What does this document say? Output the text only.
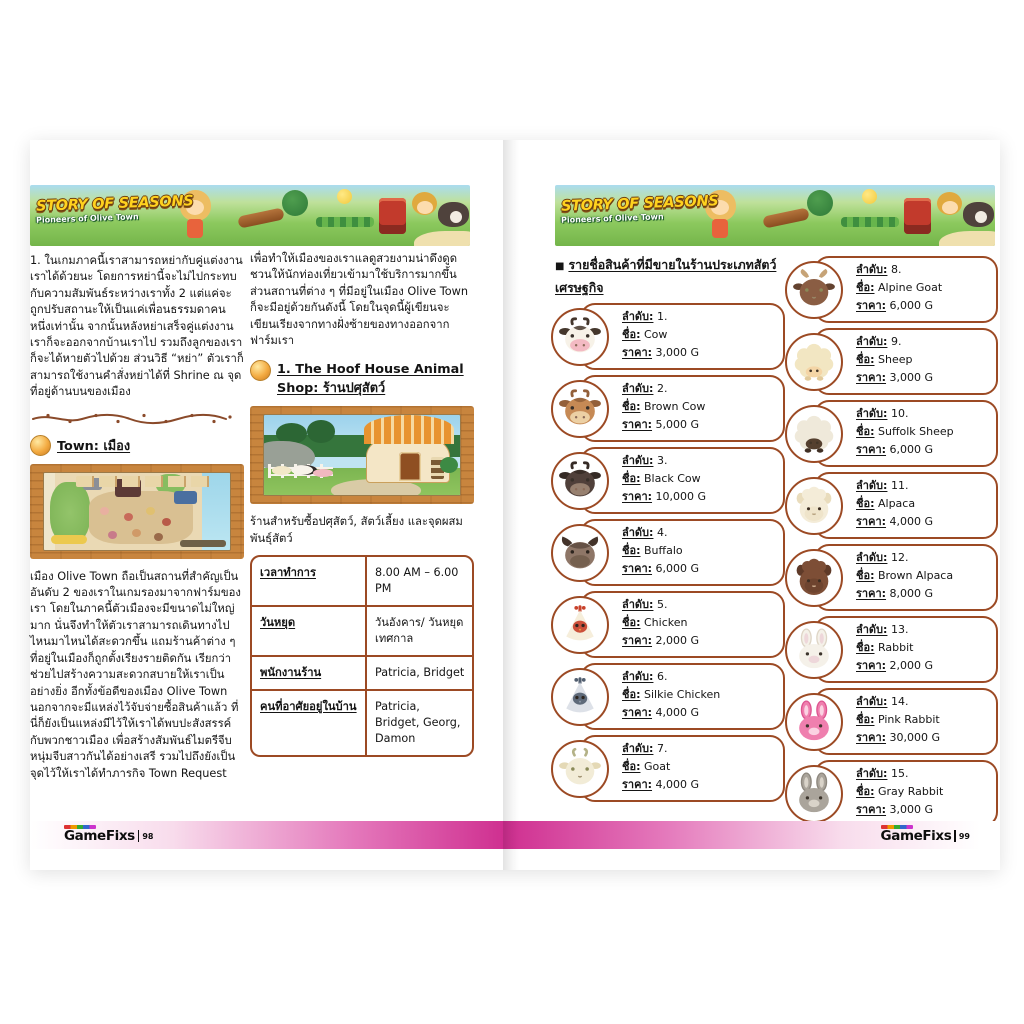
STORY OF SEASONS
Pioneers of Olive Town

1. ในเกมภาคนี้เราสามารถหย่ากับคู่แต่งงานเราได้ด้วยนะ โดยการหย่านี้จะไม่ไปกระทบกับความสัมพันธ์ระหว่างเราทั้ง 2 แต่แค่จะถูกปรับสถานะให้เป็นแค่เพื่อนธรรมดาคนหนึ่งเท่านั้น จากนั้นหลังหย่าเสร็จคู่แต่งงานเราก็จะออกจากบ้านเราไป รวมถึงลูกของเราก็จะได้หายตัวไปด้วย ส่วนวิธี “หย่า” ตัวเราก็สามารถใช้งานคำสั่งหย่าได้ที่ Shrine ณ จุดที่อยู่ด้านบนของเมือง

Town: เมือง

เมือง Olive Town ถือเป็นสถานที่สำคัญเป็นอันดับ 2 ของเราในเกมรองมาจากฟาร์มของเรา โดยในภาคนี้ตัวเมืองจะมีขนาดไม่ใหญ่มาก นั่นจึงทำให้ตัวเราสามารถเดินทางไปไหนมาไหนได้สะดวกขึ้น แถมร้านค้าต่าง ๆ ที่อยู่ในเมืองก็ถูกตั้งเรียงรายติดกัน เรียกว่าช่วยไปสร้างความสะดวกสบายให้เราเป็นอย่างยิ่ง อีกทั้งข้อดีของเมือง Olive Town นอกจากจะมีแหล่งไว้จับจ่ายซื้อสินค้าแล้ว ที่นี่ก็ยังเป็นแหล่งมีไว้ให้เราได้พบปะสังสรรค์กับพวกชาวเมือง เพื่อสร้างสัมพันธ์ไมตรีจีบหนุ่มจีบสาวกันได้อย่างเสรี รวมไปถึงยังเป็นจุดไว้ให้เราได้ทำภารกิจ Town Request

เพื่อทำให้เมืองของเราแลดูสวยงามน่าดึงดูด ชวนให้นักท่องเที่ยวเข้ามาใช้บริการมากขึ้น ส่วนสถานที่ต่าง ๆ ที่มีอยู่ในเมือง Olive Town ก็จะมีอยู่ด้วยกันดังนี้ โดยในจุดนี้ผู้เขียนจะเขียนเรียงจากทางฝั่งซ้ายของทางออกจากฟาร์มเรา

1. The Hoof House Animal Shop: ร้านปศุสัตว์

ร้านสำหรับซื้อปศุสัตว์, สัตว์เลี้ยง และจุดผสมพันธุ์สัตว์

เวลาทำการ	8.00 AM – 6.00 PM
วันหยุด	วันอังคาร/ วันหยุดเทศกาล
พนักงานร้าน	Patricia, Bridget
คนที่อาศัยอยู่ในบ้าน	Patricia, Bridget, Georg, Damon
STORY OF SEASONS
Pioneers of Olive Town
■ รายชื่อสินค้าที่มีขายในร้านประเภทสัตว์เศรษฐกิจ
ลำดับ: 1.
ชื่อ: Cow
ราคา: 3,000 G
ลำดับ: 2.
ชื่อ: Brown Cow
ราคา: 5,000 G
ลำดับ: 3.
ชื่อ: Black Cow
ราคา: 10,000 G
ลำดับ: 4.
ชื่อ: Buffalo
ราคา: 6,000 G
ลำดับ: 5.
ชื่อ: Chicken
ราคา: 2,000 G
ลำดับ: 6.
ชื่อ: Silkie Chicken
ราคา: 4,000 G
ลำดับ: 7.
ชื่อ: Goat
ราคา: 4,000 G
ลำดับ: 8.
ชื่อ: Alpine Goat
ราคา: 6,000 G
ลำดับ: 9.
ชื่อ: Sheep
ราคา: 3,000 G
ลำดับ: 10.
ชื่อ: Suffolk Sheep
ราคา: 6,000 G
ลำดับ: 11.
ชื่อ: Alpaca
ราคา: 4,000 G
ลำดับ: 12.
ชื่อ: Brown Alpaca
ราคา: 8,000 G
ลำดับ: 13.
ชื่อ: Rabbit
ราคา: 2,000 G
ลำดับ: 14.
ชื่อ: Pink Rabbit
ราคา: 30,000 G
ลำดับ: 15.
ชื่อ: Gray Rabbit
ราคา: 3,000 G
GameFixs 98	GameFixs 99
